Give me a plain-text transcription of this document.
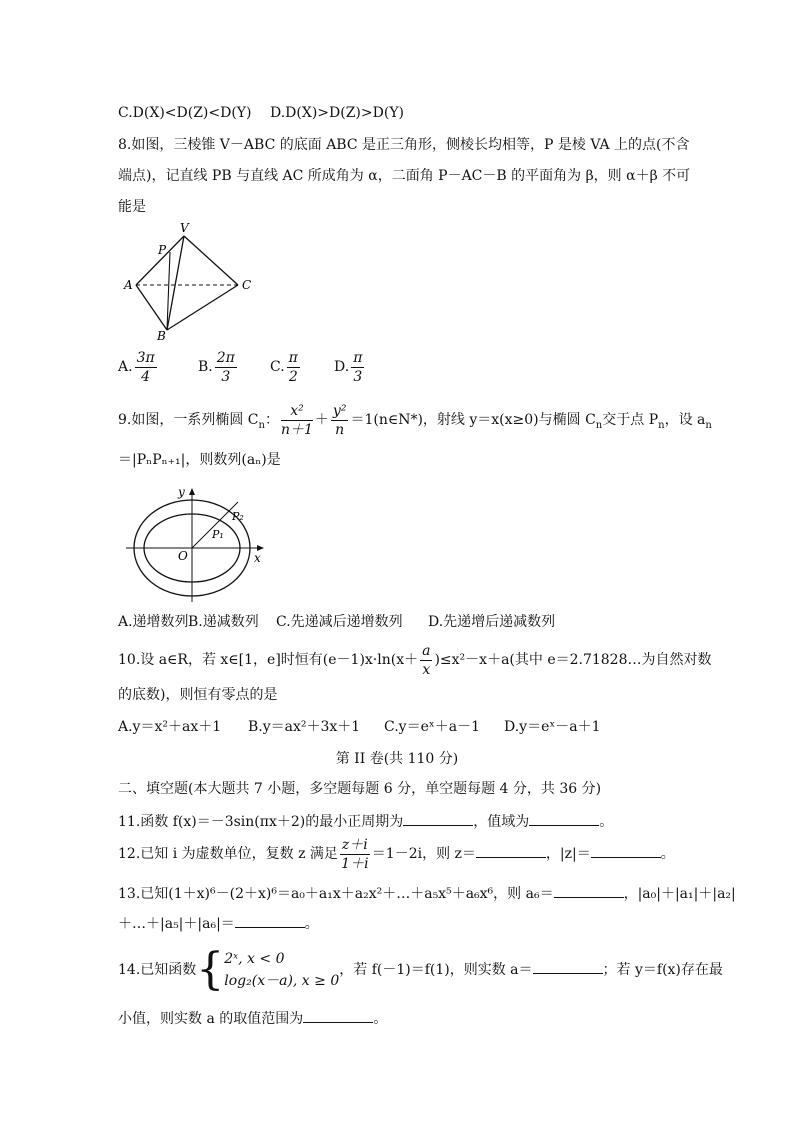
C.D(X)<D(Z)<D(Y) D.D(X)>D(Z)>D(Y)
8.如图，三棱锥 V－ABC 的底面 ABC 是正三角形，侧棱长均相等，P 是棱 VA 上的点(不含
端点)，记直线 PB 与直线 AC 所成角为 α，二面角 P－AC－B 的平面角为 β，则 α＋β 不可
能是
V
P
A
B
C
A. $\frac{3\pi}{4}$	B. $\frac{2\pi}{3} C$. $\frac{\pi}{2} D$. $\frac{\pi}{3}$
9.如图，一系列椭圆 $C_n$： $\frac{\text{x²}}{n+1} + \frac{\text{y²}}{n}$ ＝1(n∈N*)，射线 y＝x(x≥0)与椭圆 $C_n$交于点 $P_n$，设 $a_n$
＝|PₙPₙ₊₁|，则数列(aₙ)是
y
x
O
P₁
P₂
A.递增数列B.递减数列 C.先递减后递增数列 D.先递增后递减数列
10.设 a∈R，若 x∈[1，e]时恒有$(e-1)x\cdot\ln(x+ \frac{a}{x} )\le x^2-x+a$(其中 e＝2.71828…为自然对数
的底数)，则恒有零点的是
A.y＝x²＋ax＋1 B.y＝ax²＋3x＋1 C.y＝eˣ＋a－1 D.y＝eˣ－a＋1
第 II 卷(共 110 分)
二、填空题(本大题共 7 小题，多空题每题 6 分，单空题每题 4 分，共 36 分)
11.函数 f(x)＝－3sin(πx＋2)的最小正周期为	，值域为	。
12.已知 i 为虚数单位，复数 z 满足 $\frac{z+i}{1+i} =1-2i$，则 z＝	，|z|＝	。
13.已知(1＋x)⁶－(2＋x)⁶＝a₀＋a₁x＋a₂x²＋…＋a₅x⁵＋a₆x⁶，则 a₆＝	，|a₀|＋|a₁|＋|a₂|
＋…＋|a₅|＋|a₆|＝	。
14.已知函数{ 2ˣ, x < 0
log₂(x－a), x ≥ 0
，若 f(－1)＝f(1)，则实数 a＝	；若 y＝f(x)存在最
小值，则实数 a 的取值范围为	。
